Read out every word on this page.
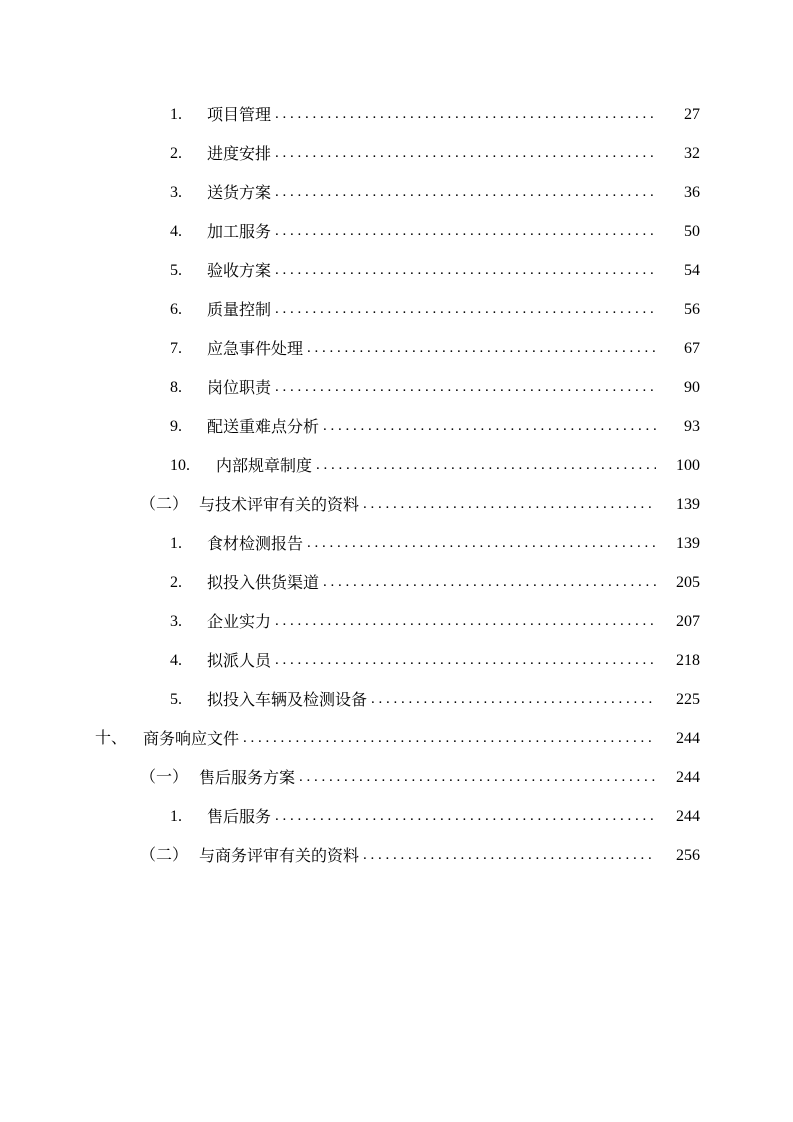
1.	项目管理 . . .	27
2.	进度安排 . . .	32
3.	送货方案 . . .	36
4.	加工服务 . . .	50
5.	验收方案 . . .	54
6.	质量控制 . . .	56
7.	应急事件处理 . . .	67
8.	岗位职责 . . .	90
9.	配送重难点分析 . . .	93
10.	内部规章制度 . . .	100
（二） 与技术评审有关的资料 . . .	139
1.	食材检测报告 . . .	139
2.	拟投入供货渠道 . . .	205
3.	企业实力 . . .	207
4.	拟派人员 . . .	218
5.	拟投入车辆及检测设备 . . .	225
十、 商务响应文件 . . .	244
（一） 售后服务方案 . . .	244
1.	售后服务 . . .	244
（二） 与商务评审有关的资料 . . .	256
